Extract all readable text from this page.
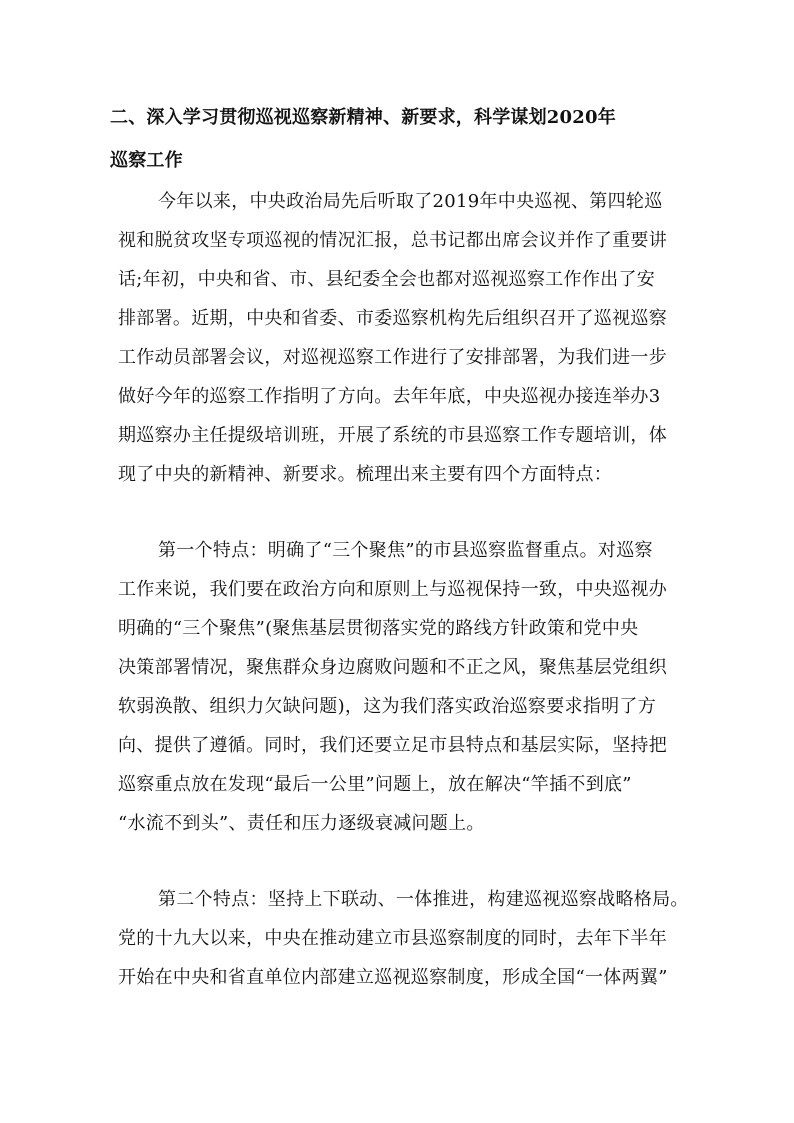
二、深入学习贯彻巡视巡察新精神、新要求，科学谋划2020年
巡察工作
今年以来，中央政治局先后听取了2019年中央巡视、第四轮巡
视和脱贫攻坚专项巡视的情况汇报，总书记都出席会议并作了重要讲
话;年初，中央和省、市、县纪委全会也都对巡视巡察工作作出了安
排部署。近期，中央和省委、市委巡察机构先后组织召开了巡视巡察
工作动员部署会议，对巡视巡察工作进行了安排部署，为我们进一步
做好今年的巡察工作指明了方向。去年年底，中央巡视办接连举办3
期巡察办主任提级培训班，开展了系统的市县巡察工作专题培训，体
现了中央的新精神、新要求。梳理出来主要有四个方面特点：
第一个特点：明确了“三个聚焦”的市县巡察监督重点。对巡察
工作来说，我们要在政治方向和原则上与巡视保持一致，中央巡视办
明确的“三个聚焦”(聚焦基层贯彻落实党的路线方针政策和党中央
决策部署情况，聚焦群众身边腐败问题和不正之风，聚焦基层党组织
软弱涣散、组织力欠缺问题)，这为我们落实政治巡察要求指明了方
向、提供了遵循。同时，我们还要立足市县特点和基层实际，坚持把
巡察重点放在发现“最后一公里”问题上，放在解决“竿插不到底”
“水流不到头”、责任和压力逐级衰减问题上。
第二个特点：坚持上下联动、一体推进，构建巡视巡察战略格局。
党的十九大以来，中央在推动建立市县巡察制度的同时，去年下半年
开始在中央和省直单位内部建立巡视巡察制度，形成全国“一体两翼”
